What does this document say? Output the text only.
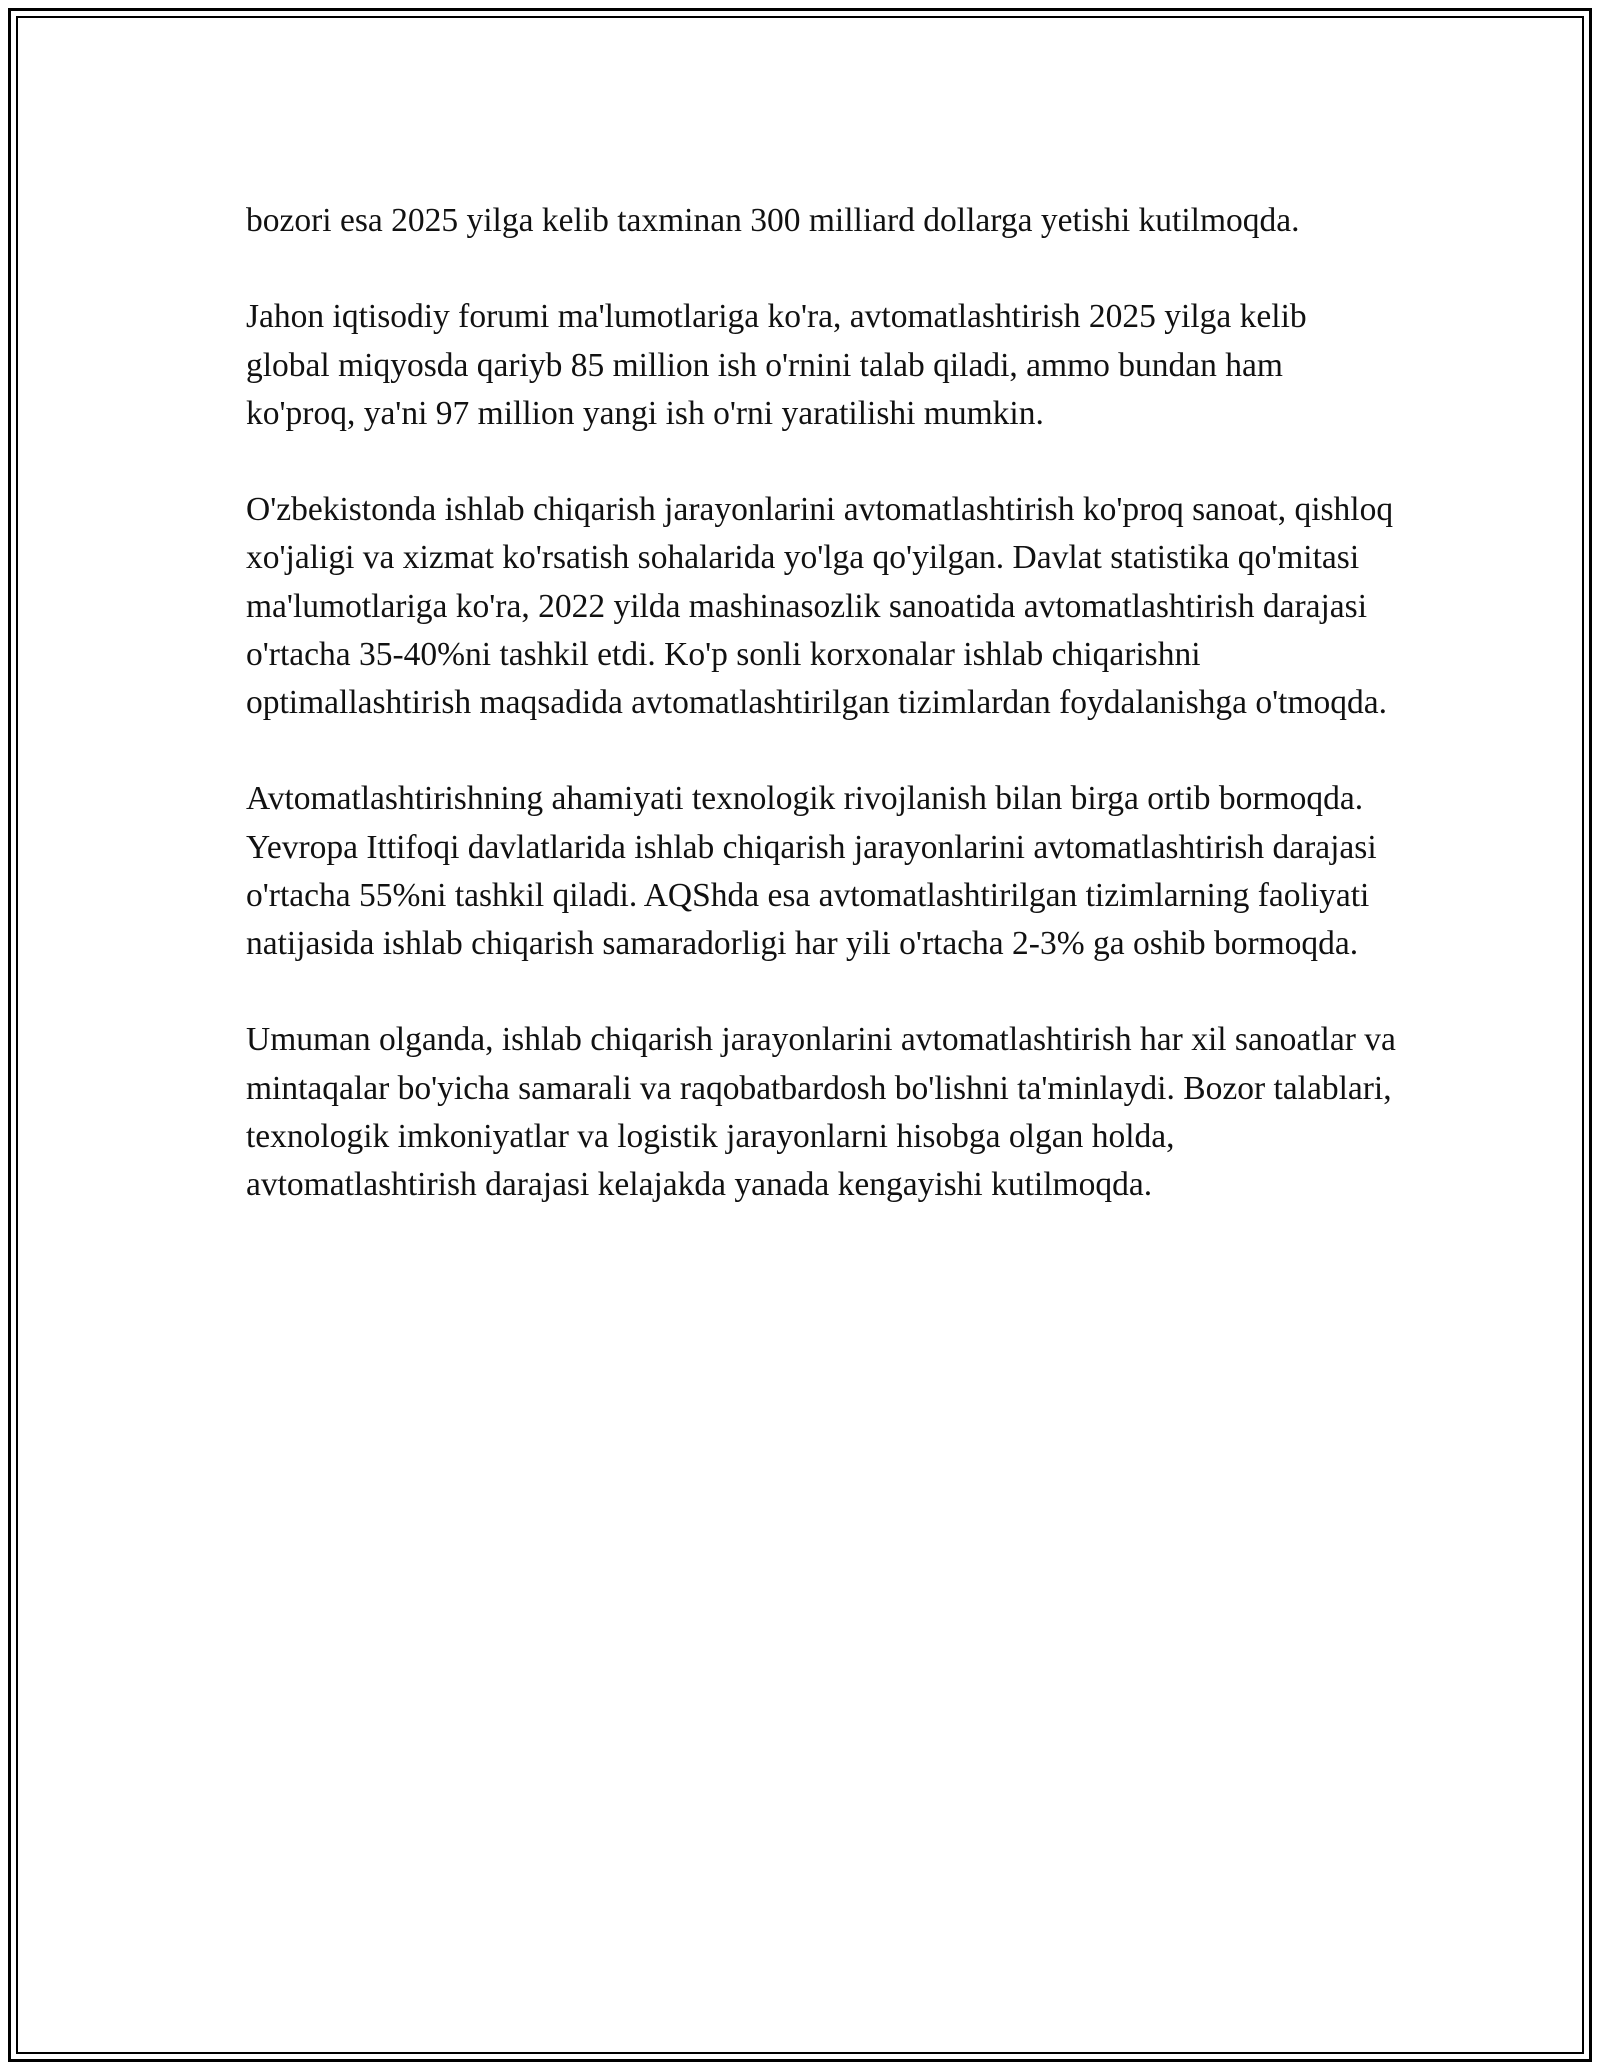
bozori esa 2025 yilga kelib taxminan 300 milliard dollarga yetishi kutilmoqda.

Jahon iqtisodiy forumi ma'lumotlariga ko'ra, avtomatlashtirish 2025 yilga kelib global miqyosda qariyb 85 million ish o'rnini talab qiladi, ammo bundan ham ko'proq, ya'ni 97 million yangi ish o'rni yaratilishi mumkin.

O'zbekistonda ishlab chiqarish jarayonlarini avtomatlashtirish ko'proq sanoat, qishloq xo'jaligi va xizmat ko'rsatish sohalarida yo'lga qo'yilgan. Davlat statistika qo'mitasi ma'lumotlariga ko'ra, 2022 yilda mashinasozlik sanoatida avtomatlashtirish darajasi o'rtacha 35-40%ni tashkil etdi. Ko'p sonli korxonalar ishlab chiqarishni optimallashtirish maqsadida avtomatlashtirilgan tizimlardan foydalanishga o'tmoqda.

Avtomatlashtirishning ahamiyati texnologik rivojlanish bilan birga ortib bormoqda. Yevropa Ittifoqi davlatlarida ishlab chiqarish jarayonlarini avtomatlashtirish darajasi o'rtacha 55%ni tashkil qiladi. AQShda esa avtomatlashtirilgan tizimlarning faoliyati natijasida ishlab chiqarish samaradorligi har yili o'rtacha 2-3% ga oshib bormoqda.

Umuman olganda, ishlab chiqarish jarayonlarini avtomatlashtirish har xil sanoatlar va mintaqalar bo'yicha samarali va raqobatbardosh bo'lishni ta'minlaydi. Bozor talablari, texnologik imkoniyatlar va logistik jarayonlarni hisobga olgan holda, avtomatlashtirish darajasi kelajakda yanada kengayishi kutilmoqda.
